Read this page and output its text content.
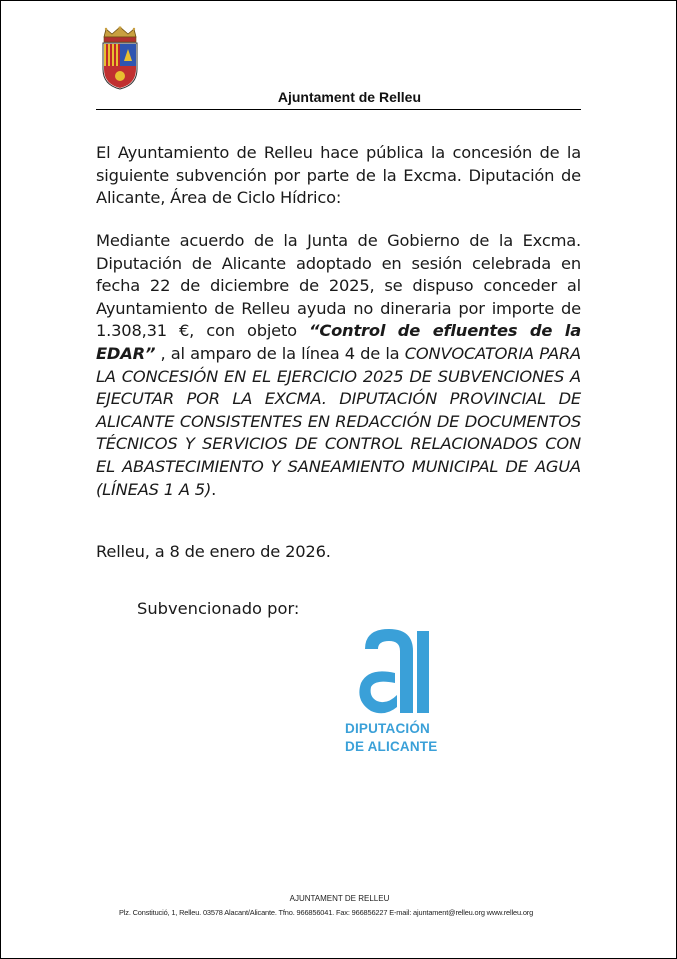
Ajuntament de Relleu

El Ayuntamiento de Relleu hace pública la concesión de la siguiente subvención por parte de la Excma. Diputación de Alicante, Área de Ciclo Hídrico:

Mediante acuerdo de la Junta de Gobierno de la Excma. Diputación de Alicante adoptado en sesión celebrada en fecha 22 de diciembre de 2025, se dispuso conceder al Ayuntamiento de Relleu ayuda no dineraria por importe de 1.308,31 €, con objeto “Control de efluentes de la EDAR” , al amparo de la línea 4 de la CONVOCATORIA PARA LA CONCESIÓN EN EL EJERCICIO 2025 DE SUBVENCIONES A EJECUTAR POR LA EXCMA. DIPUTACIÓN PROVINCIAL DE ALICANTE CONSISTENTES EN REDACCIÓN DE DOCUMENTOS TÉCNICOS Y SERVICIOS DE CONTROL RELACIONADOS CON EL ABASTECIMIENTO Y SANEAMIENTO MUNICIPAL DE AGUA (LÍNEAS 1 A 5).

Relleu, a 8 de enero de 2026.

Subvencionado por:

DIPUTACIÓN

DE ALICANTE

AJUNTAMENT DE RELLEU

Plz. Constitució, 1, Relleu. 03578 Alacant/Alicante. Tfno. 966856041. Fax: 966856227 E-mail: ajuntament@relleu.org www.relleu.org
